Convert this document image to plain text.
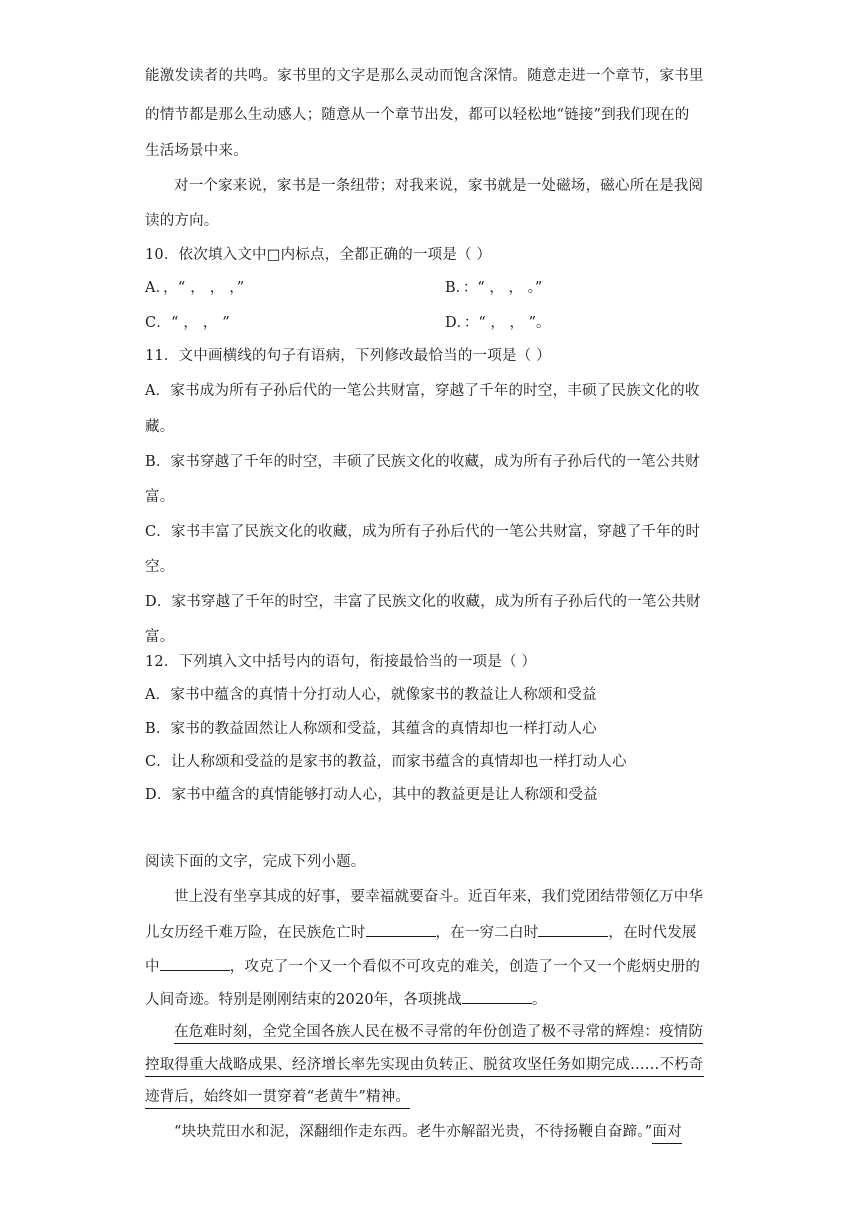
能激发读者的共鸣。家书里的文字是那么灵动而饱含深情。随意走进一个章节，家书里
的情节都是那么生动感人；随意从一个章节出发，都可以轻松地“链接”到我们现在的
生活场景中来。
对一个家来说，家书是一条纽带；对我来说，家书就是一处磁场，磁心所在是我阅
读的方向。
10．依次填入文中□内标点，全都正确的一项是（ ）
A．，“ ， ， ，”	B．：“ ， ， 。”
C．“ ， ， ”	D．：“ ， ， ”。
11．文中画横线的句子有语病，下列修改最恰当的一项是（ ）
A．家书成为所有子孙后代的一笔公共财富，穿越了千年的时空，丰硕了民族文化的收
藏。
B．家书穿越了千年的时空，丰硕了民族文化的收藏，成为所有子孙后代的一笔公共财
富。
C．家书丰富了民族文化的收藏，成为所有子孙后代的一笔公共财富，穿越了千年的时
空。
D．家书穿越了千年的时空，丰富了民族文化的收藏，成为所有子孙后代的一笔公共财
富。
12．下列填入文中括号内的语句，衔接最恰当的一项是（ ）
A．家书中蕴含的真情十分打动人心，就像家书的教益让人称颂和受益
B．家书的教益固然让人称颂和受益，其蕴含的真情却也一样打动人心
C．让人称颂和受益的是家书的教益，而家书蕴含的真情却也一样打动人心
D．家书中蕴含的真情能够打动人心，其中的教益更是让人称颂和受益
阅读下面的文字，完成下列小题。
世上没有坐享其成的好事，要幸福就要奋斗。近百年来，我们党团结带领亿万中华
儿女历经千难万险，在民族危亡时	，在一穷二白时	，在时代发展
中	，攻克了一个又一个看似不可攻克的难关，创造了一个又一个彪炳史册的
人间奇迹。特别是刚刚结束的2020年，各项挑战	。
在危难时刻，全党全国各族人民在极不寻常的年份创造了极不寻常的辉煌：疫情防
控取得重大战略成果、经济增长率先实现由负转正、脱贫攻坚任务如期完成……不朽奇
迹背后，始终如一贯穿着“老黄牛”精神。
“块块荒田水和泥，深翻细作走东西。老牛亦解韶光贵，不待扬鞭自奋蹄。”面对
